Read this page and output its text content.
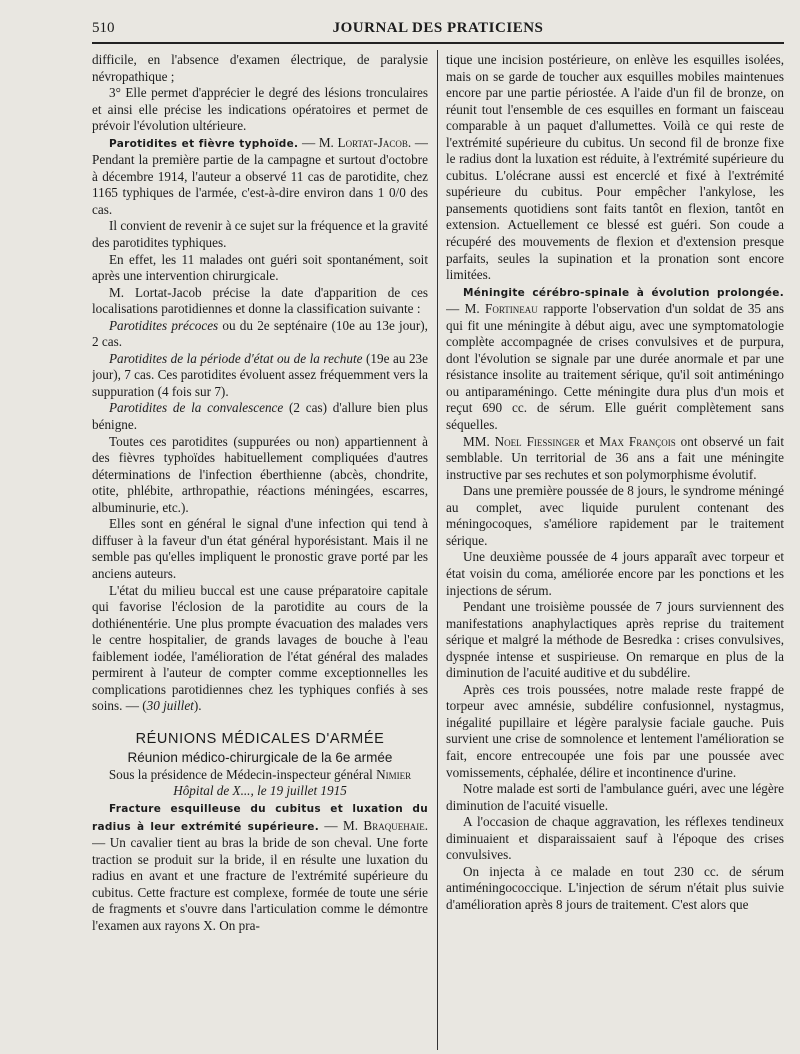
510	JOURNAL DES PRATICIENS

difficile, en l'absence d'examen électrique, de paralysie névropathique ;

3° Elle permet d'apprécier le degré des lésions tronculaires et ainsi elle précise les indications opératoires et permet de prévoir l'évolution ultérieure.

Parotidites et fièvre typhoïde. — M. Lortat-Jacob. — Pendant la première partie de la campagne et surtout d'octobre à décembre 1914, l'auteur a observé 11 cas de parotidite, chez 1165 typhiques de l'armée, c'est-à-dire environ dans 1 0/0 des cas.

Il convient de revenir à ce sujet sur la fréquence et la gravité des parotidites typhiques.

En effet, les 11 malades ont guéri soit spontanément, soit après une intervention chirurgicale.

M. Lortat-Jacob précise la date d'apparition de ces localisations parotidiennes et donne la classification suivante :

Parotidites précoces ou du 2e septénaire (10e au 13e jour), 2 cas.

Parotidites de la période d'état ou de la rechute (19e au 23e jour), 7 cas. Ces parotidites évoluent assez fréquemment vers la suppuration (4 fois sur 7).

Parotidites de la convalescence (2 cas) d'allure bien plus bénigne.

Toutes ces parotidites (suppurées ou non) appartiennent à des fièvres typhoïdes habituellement compliquées d'autres déterminations de l'infection éberthienne (abcès, chondrite, otite, phlébite, arthropathie, réactions méningées, escarres, albuminurie, etc.).

Elles sont en général le signal d'une infection qui tend à diffuser à la faveur d'un état général hyporésistant. Mais il ne semble pas qu'elles impliquent le pronostic grave porté par les anciens auteurs.

L'état du milieu buccal est une cause préparatoire capitale qui favorise l'éclosion de la parotidite au cours de la dothiénentérie. Une plus prompte évacuation des malades vers le centre hospitalier, de grands lavages de bouche à l'eau faiblement iodée, l'amélioration de l'état général des malades permirent à l'auteur de compter comme exceptionnelles les complications parotidiennes chez les typhiques confiés à ses soins. — (30 juillet).

RÉUNIONS MÉDICALES D'ARMÉE

Réunion médico-chirurgicale de la 6e armée

Sous la présidence de Médecin-inspecteur général Nimier

Hôpital de X..., le 19 juillet 1915

Fracture esquilleuse du cubitus et luxation du radius à leur extrémité supérieure. — M. Braquehaie. — Un cavalier tient au bras la bride de son cheval. Une forte traction se produit sur la bride, il en résulte une luxation du radius en avant et une fracture de l'extrémité supérieure du cubitus. Cette fracture est complexe, formée de toute une série de fragments et s'ouvre dans l'articulation comme le démontre l'examen aux rayons X. On pra-

tique une incision postérieure, on enlève les esquilles isolées, mais on se garde de toucher aux esquilles mobiles maintenues encore par une partie périostée. A l'aide d'un fil de bronze, on réunit tout l'ensemble de ces esquilles en formant un faisceau comparable à un paquet d'allumettes. Voilà ce qui reste de l'extrémité supérieure du cubitus. Un second fil de bronze fixe le radius dont la luxation est réduite, à l'extrémité supérieure du cubitus. L'olécrane aussi est encerclé et fixé à l'extrémité supérieure du cubitus. Pour empêcher l'ankylose, les pansements quotidiens sont faits tantôt en flexion, tantôt en extension. Actuellement ce blessé est guéri. Son coude a récupéré des mouvements de flexion et d'extension presque parfaits, seules la supination et la pronation sont encore limitées.

Méningite cérébro-spinale à évolution prolongée. — M. Fortineau rapporte l'observation d'un soldat de 35 ans qui fit une méningite à début aigu, avec une symptomatologie complète accompagnée de crises convulsives et de purpura, dont l'évolution se signale par une durée anormale et par une résistance insolite au traitement sérique, qu'il soit antiméningo ou antiparaméningo. Cette méningite dura plus d'un mois et reçut 690 cc. de sérum. Elle guérit complètement sans séquelles.

MM. Noel Fiessinger et Max François ont observé un fait semblable. Un territorial de 36 ans a fait une méningite instructive par ses rechutes et son polymorphisme évolutif.

Dans une première poussée de 8 jours, le syndrome méningé au complet, avec liquide purulent contenant des méningocoques, s'améliore rapidement par le traitement sérique.

Une deuxième poussée de 4 jours apparaît avec torpeur et état voisin du coma, améliorée encore par les ponctions et les injections de sérum.

Pendant une troisième poussée de 7 jours surviennent des manifestations anaphylactiques après reprise du traitement sérique et malgré la méthode de Besredka : crises convulsives, dyspnée intense et suspirieuse. On remarque en plus de la diminution de l'acuité auditive et du subdélire.

Après ces trois poussées, notre malade reste frappé de torpeur avec amnésie, subdélire confusionnel, nystagmus, inégalité pupillaire et légère paralysie faciale gauche. Puis survient une crise de somnolence et lentement l'amélioration se fait, encore entrecoupée une fois par une poussée avec vomissements, céphalée, délire et incontinence d'urine.

Notre malade est sorti de l'ambulance guéri, avec une légère diminution de l'acuité visuelle.

A l'occasion de chaque aggravation, les réflexes tendineux diminuaient et disparaissaient sauf à l'époque des crises convulsives.

On injecta à ce malade en tout 230 cc. de sérum antiméningococcique. L'injection de sérum n'était plus suivie d'amélioration après 8 jours de traitement. C'est alors que
